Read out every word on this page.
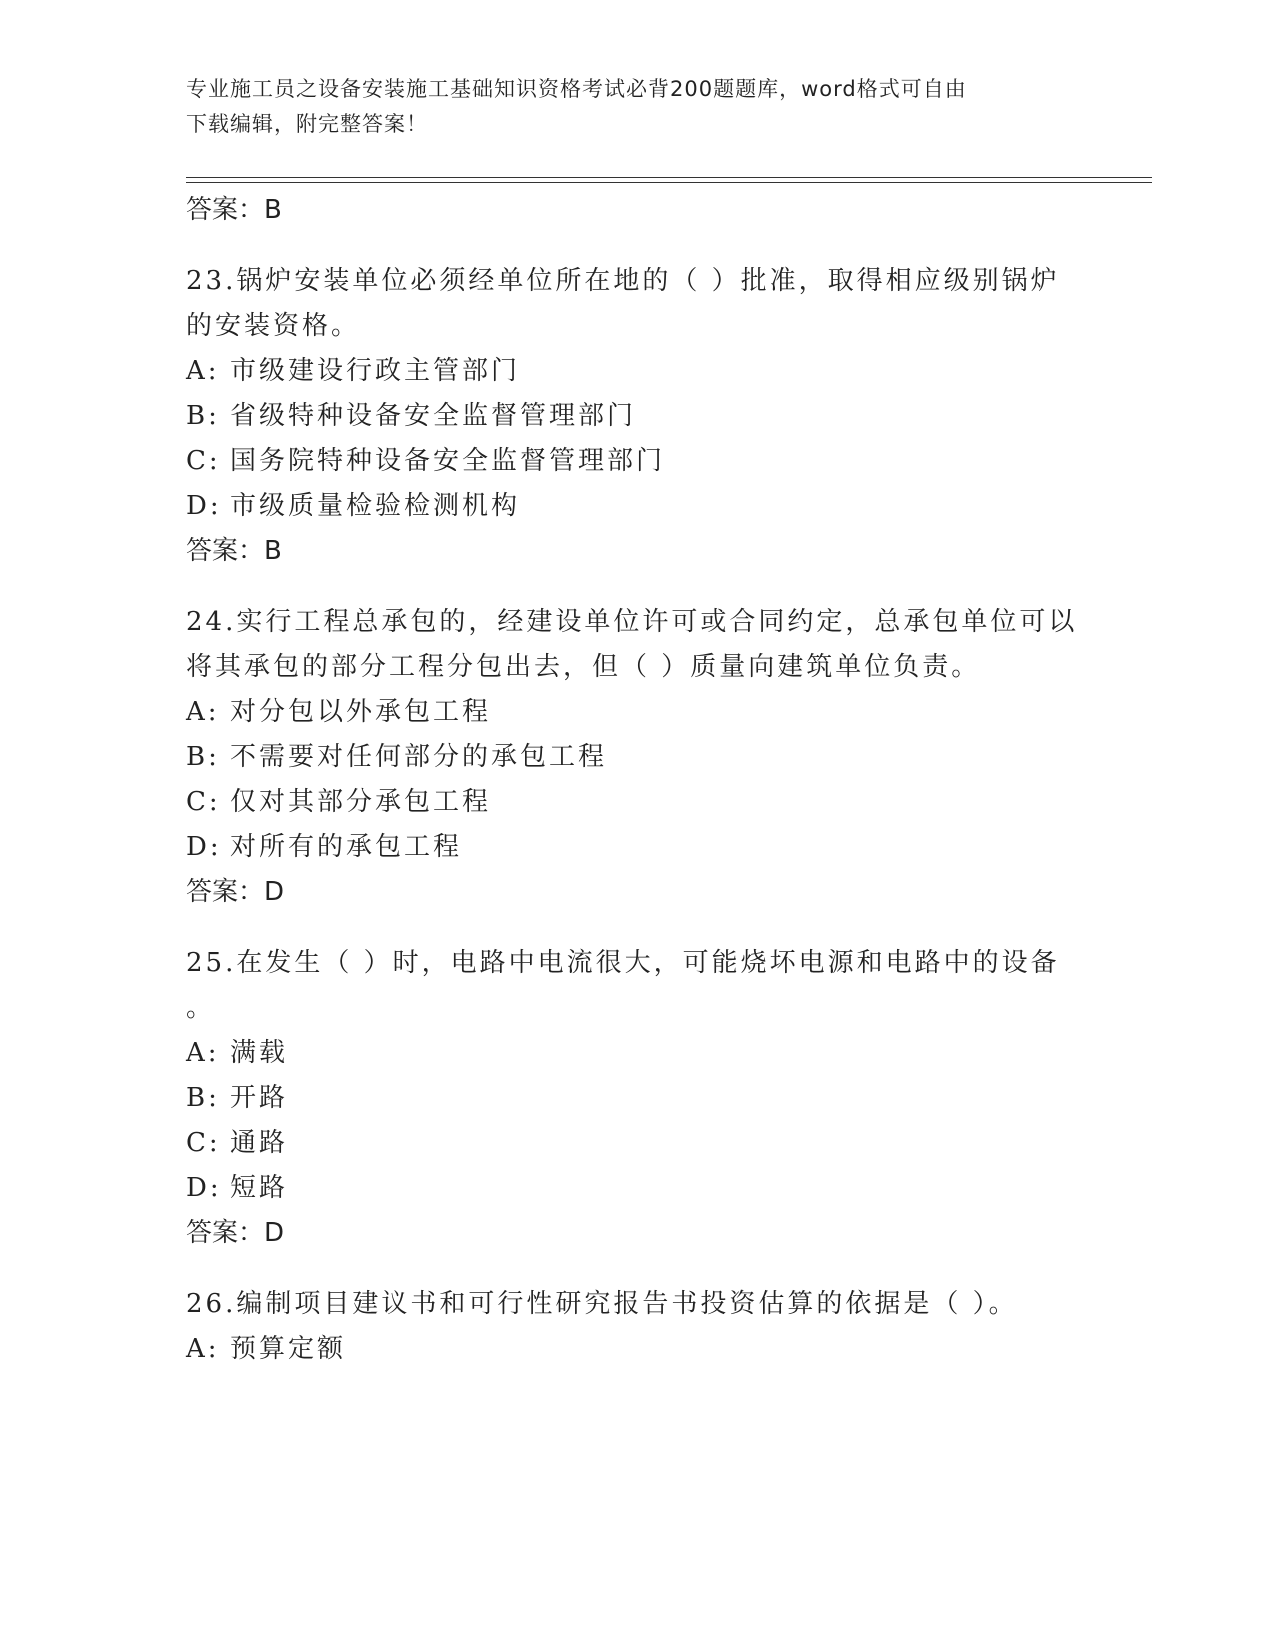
专业施工员之设备安装施工基础知识资格考试必背200题题库，word格式可自由
下载编辑，附完整答案！
答案：B
23.锅炉安装单位必须经单位所在地的（ ）批准，取得相应级别锅炉
的安装资格。
A: 市级建设行政主管部门
B: 省级特种设备安全监督管理部门
C: 国务院特种设备安全监督管理部门
D: 市级质量检验检测机构
答案：B
24.实行工程总承包的，经建设单位许可或合同约定，总承包单位可以
将其承包的部分工程分包出去，但（ ）质量向建筑单位负责。
A: 对分包以外承包工程
B: 不需要对任何部分的承包工程
C: 仅对其部分承包工程
D: 对所有的承包工程
答案：D
25.在发生（ ）时，电路中电流很大，可能烧坏电源和电路中的设备
。
A: 满载
B: 开路
C: 通路
D: 短路
答案：D
26.编制项目建议书和可行性研究报告书投资估算的依据是（ ）。
A: 预算定额
